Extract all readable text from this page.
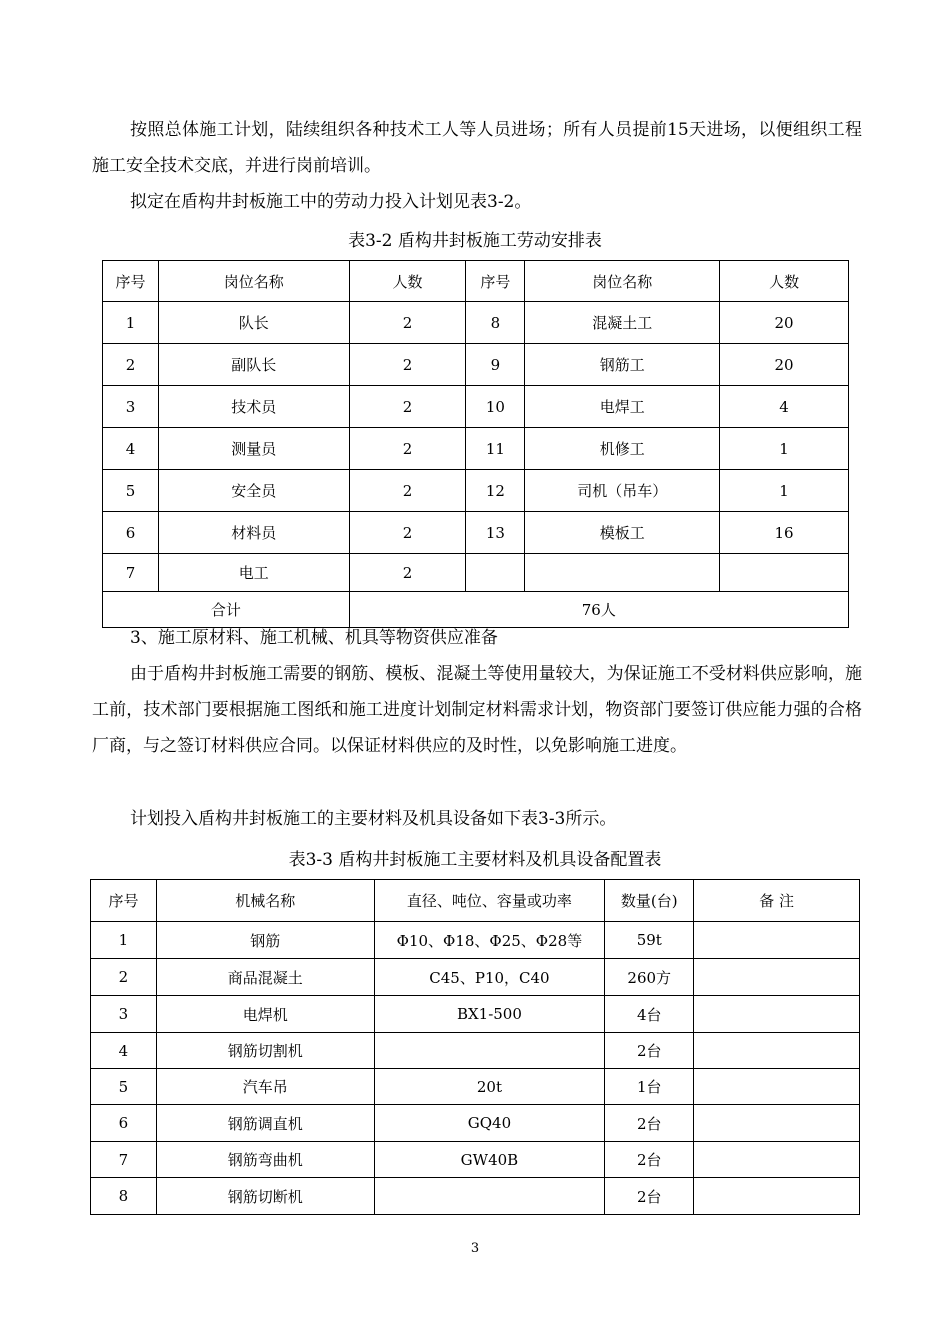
按照总体施工计划，陆续组织各种技术工人等人员进场；所有人员提前15天进场，以便组织工程施工安全技术交底，并进行岗前培训。

拟定在盾构井封板施工中的劳动力投入计划见表3-2。

表3-2 盾构井封板施工劳动安排表
序号	岗位名称	人数	序号	岗位名称	人数
1	队长	2	8	混凝土工	20
2	副队长	2	9	钢筋工	20
3	技术员	2	10	电焊工	4
4	测量员	2	11	机修工	1
5	安全员	2	12	司机（吊车）	1
6	材料员	2	13	模板工	16
7	电工	2			
合计		76人			

3、施工原材料、施工机械、机具等物资供应准备

由于盾构井封板施工需要的钢筋、模板、混凝土等使用量较大，为保证施工不受材料供应影响，施工前，技术部门要根据施工图纸和施工进度计划制定材料需求计划，物资部门要签订供应能力强的合格厂商，与之签订材料供应合同。以保证材料供应的及时性，以免影响施工进度。

计划投入盾构井封板施工的主要材料及机具设备如下表3-3所示。

表3-3 盾构井封板施工主要材料及机具设备配置表
序号	机械名称	直径、吨位、容量或功率	数量(台)	备 注
1	钢筋	Φ10、Φ18、Φ25、Φ28等	59t	
2	商品混凝土	C45、P10，C40	260方	
3	电焊机	BX1-500	4台	
4	钢筋切割机		2台	
5	汽车吊	20t	1台	
6	钢筋调直机	GQ40	2台	
7	钢筋弯曲机	GW40B	2台	
8	钢筋切断机		2台	
3
